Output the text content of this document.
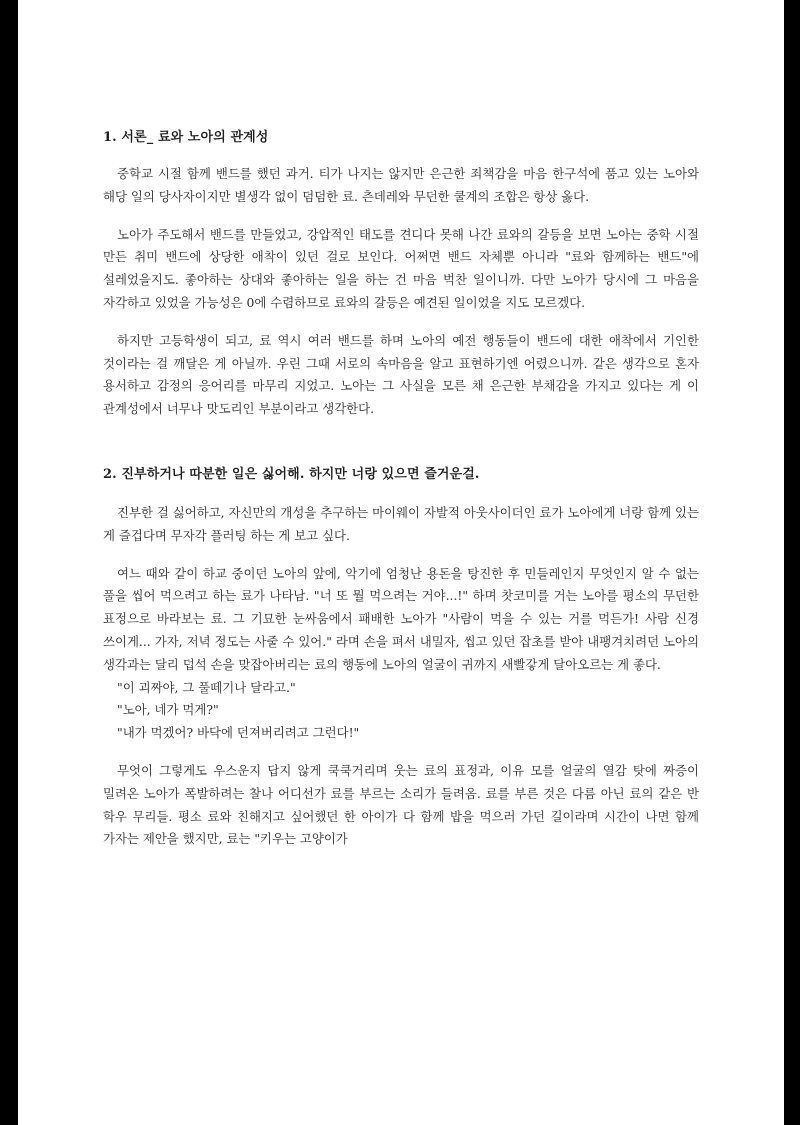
1. 서론_ 료와 노아의 관계성

중학교 시절 함께 밴드를 했던 과거. 티가 나지는 않지만 은근한 죄책감을 마음 한구석에 품고 있는 노아와 해당 일의 당사자이지만 별생각 없이 덤덤한 료. 츤데레와 무던한 쿨계의 조합은 항상 옳다.

노아가 주도해서 밴드를 만들었고, 강압적인 태도를 견디다 못해 나간 료와의 갈등을 보면 노아는 중학 시절 만든 취미 밴드에 상당한 애착이 있던 걸로 보인다. 어쩌면 밴드 자체뿐 아니라 "료와 함께하는 밴드"에 설레었을지도. 좋아하는 상대와 좋아하는 일을 하는 건 마음 벅찬 일이니까. 다만 노아가 당시에 그 마음을 자각하고 있었을 가능성은 0에 수렴하므로 료와의 갈등은 예견된 일이었을 지도 모르겠다.

하지만 고등학생이 되고, 료 역시 여러 밴드를 하며 노아의 예전 행동들이 밴드에 대한 애착에서 기인한 것이라는 걸 깨달은 게 아닐까. 우린 그때 서로의 속마음을 알고 표현하기엔 어렸으니까. 같은 생각으로 혼자 용서하고 감정의 응어리를 마무리 지었고. 노아는 그 사실을 모른 채 은근한 부채감을 가지고 있다는 게 이 관계성에서 너무나 맛도리인 부분이라고 생각한다.

2. 진부하거나 따분한 일은 싫어해. 하지만 너랑 있으면 즐거운걸.

진부한 걸 싫어하고, 자신만의 개성을 추구하는 마이웨이 자발적 아웃사이더인 료가 노아에게 너랑 함께 있는 게 즐겁다며 무자각 플러팅 하는 게 보고 싶다.

여느 때와 같이 하교 중이던 노아의 앞에, 악기에 엄청난 용돈을 탕진한 후 민들레인지 무엇인지 알 수 없는 풀을 씹어 먹으려고 하는 료가 나타남. "너 또 뭘 먹으려는 거야...!" 하며 찻코미를 거는 노아를 평소의 무던한 표정으로 바라보는 료. 그 기묘한 눈싸움에서 패배한 노아가 "사람이 먹을 수 있는 거를 먹든가! 사람 신경 쓰이게... 가자, 저녁 정도는 사줄 수 있어." 라며 손을 펴서 내밀자, 씹고 있던 잡초를 받아 내팽겨치려던 노아의 생각과는 달리 덥석 손을 맞잡아버리는 료의 행동에 노아의 얼굴이 귀까지 새빨갛게 달아오르는 게 좋다.

"이 괴짜야, 그 풀떼기나 달라고."

"노아, 네가 먹게?"

"내가 먹겠어? 바닥에 던져버리려고 그런다!"

무엇이 그렇게도 우스운지 답지 않게 쿡쿡거리며 웃는 료의 표정과, 이유 모를 얼굴의 열감 탓에 짜증이 밀려온 노아가 폭발하려는 찰나 어디선가 료를 부르는 소리가 들려옴. 료를 부른 것은 다름 아닌 료의 같은 반 학우 무리들. 평소 료와 친해지고 싶어했던 한 아이가 다 함께 밥을 먹으러 가던 길이라며 시간이 나면 함께 가자는 제안을 했지만, 료는 "키우는 고양이가
